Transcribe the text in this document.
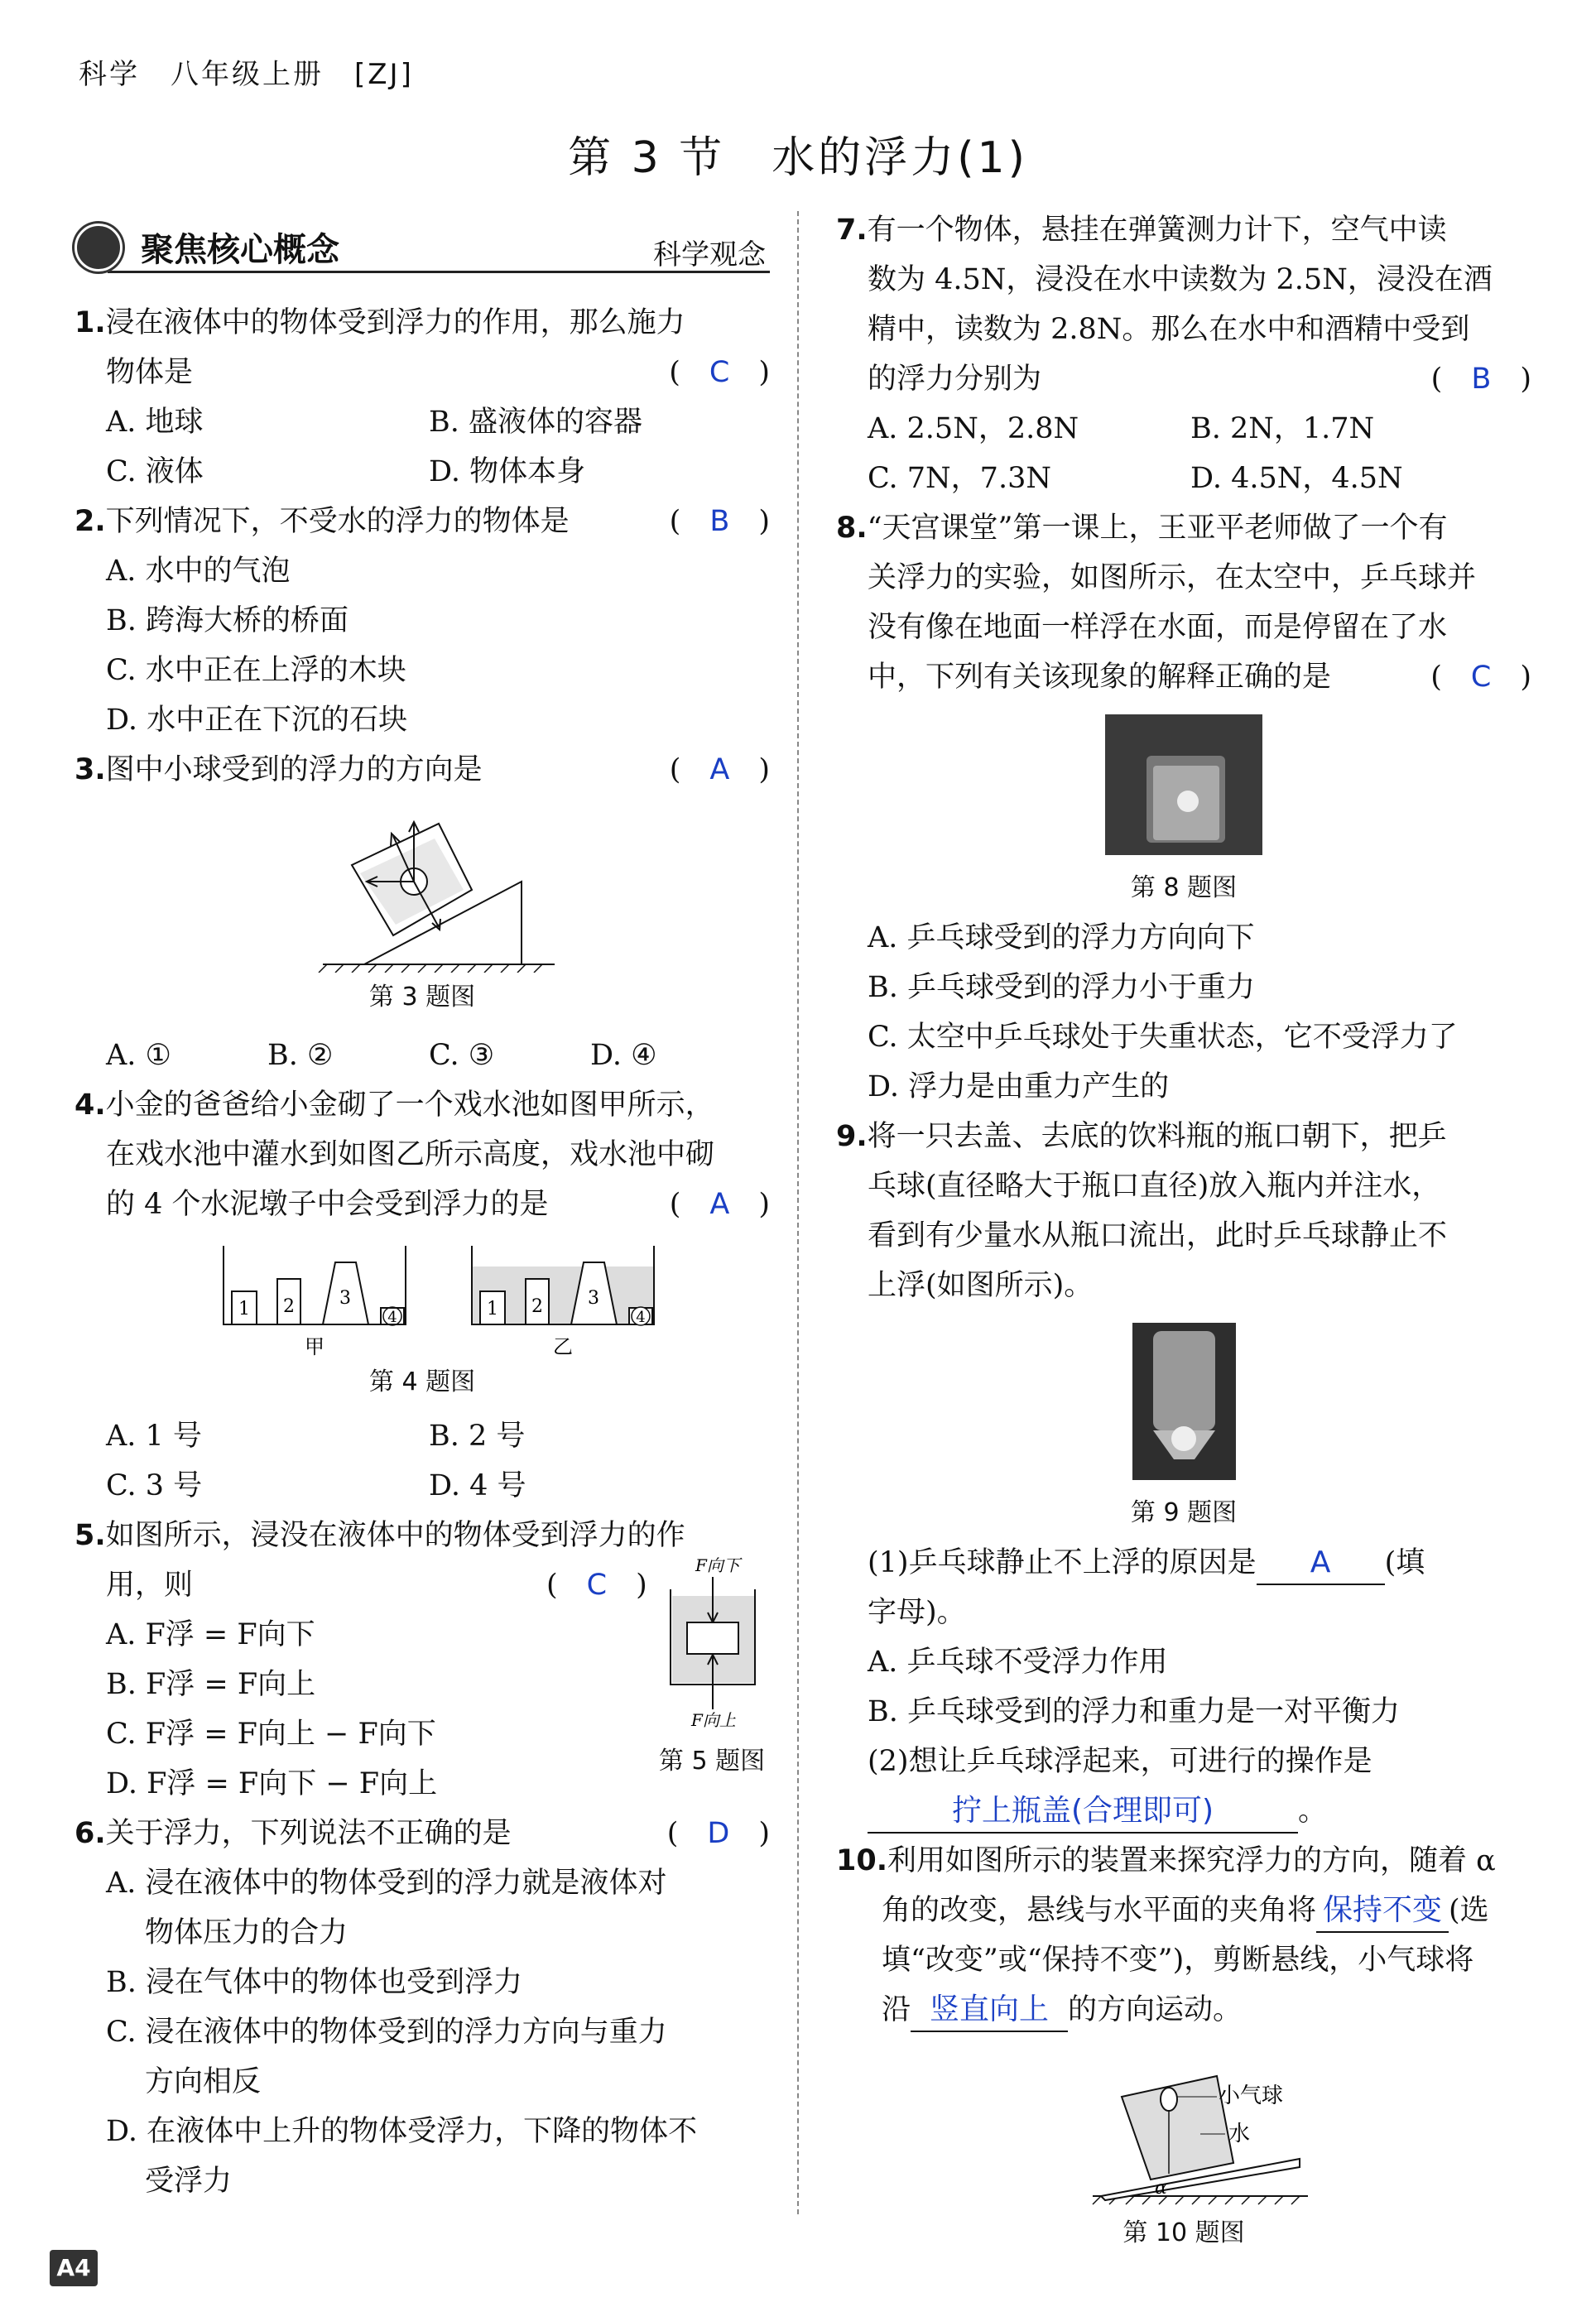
科学　八年级上册　[ZJ]
第 3 节　水的浮力(1)
聚焦核心概念	科学观念
1.浸在液体中的物体受到浮力的作用，那么施力
物体是	(　C　)
A. 地球	B. 盛液体的容器
C. 液体	D. 物体本身
2.下列情况下，不受水的浮力的物体是	(　B　)
A. 水中的气泡
B. 跨海大桥的桥面
C. 水中正在上浮的木块
D. 水中正在下沉的石块
3.图中小球受到的浮力的方向是	(　A　)
第 3 题图
A. ①	B. ②	C. ③	D. ④
4.小金的爸爸给小金砌了一个戏水池如图甲所示，
在戏水池中灌水到如图乙所示高度，戏水池中砌
的 4 个水泥墩子中会受到浮力的是	(　A　)
1 2 3
4
甲
1 2 3
4
乙
第 4 题图
A. 1 号	B. 2 号
C. 3 号	D. 4 号
5.如图所示，浸没在液体中的物体受到浮力的作
用，则	(　C　)
A. F浮 = F向下
B. F浮 = F向上
C. F浮 = F向上 − F向下
D. F浮 = F向下 − F向上
F向下
F向上
第 5 题图
6.关于浮力，下列说法不正确的是	(　D　)
A. 浸在液体中的物体受到的浮力就是液体对
物体压力的合力
B. 浸在气体中的物体也受到浮力
C. 浸在液体中的物体受到的浮力方向与重力
方向相反
D. 在液体中上升的物体受浮力，下降的物体不
受浮力
7.有一个物体，悬挂在弹簧测力计下，空气中读
数为 4.5N，浸没在水中读数为 2.5N，浸没在酒
精中，读数为 2.8N。那么在水中和酒精中受到
的浮力分别为	(　B　)
A. 2.5N，2.8N	B. 2N，1.7N
C. 7N，7.3N	D. 4.5N，4.5N
8.“天宫课堂”第一课上，王亚平老师做了一个有
关浮力的实验，如图所示，在太空中，乒乓球并
没有像在地面一样浮在水面，而是停留在了水
中，下列有关该现象的解释正确的是	(　C　)
第 8 题图
A. 乒乓球受到的浮力方向向下
B. 乒乓球受到的浮力小于重力
C. 太空中乒乓球处于失重状态，它不受浮力了
D. 浮力是由重力产生的
9.将一只去盖、去底的饮料瓶的瓶口朝下，把乒
乓球(直径略大于瓶口直径)放入瓶内并注水，
看到有少量水从瓶口流出，此时乒乓球静止不
上浮(如图所示)。
第 9 题图
(1)乒乓球静止不上浮的原因是 A (填
字母)。
A. 乒乓球不受浮力作用
B. 乒乓球受到的浮力和重力是一对平衡力
(2)想让乒乓球浮起来，可进行的操作是
拧上瓶盖(合理即可)	。
10.利用如图所示的装置来探究浮力的方向，随着 α
角的改变，悬线与水平面的夹角将 保持不变 (选
填“改变”或“保持不变”)，剪断悬线，小气球将
沿 竖直向上 的方向运动。
小气球
水
α
第 10 题图
A4
